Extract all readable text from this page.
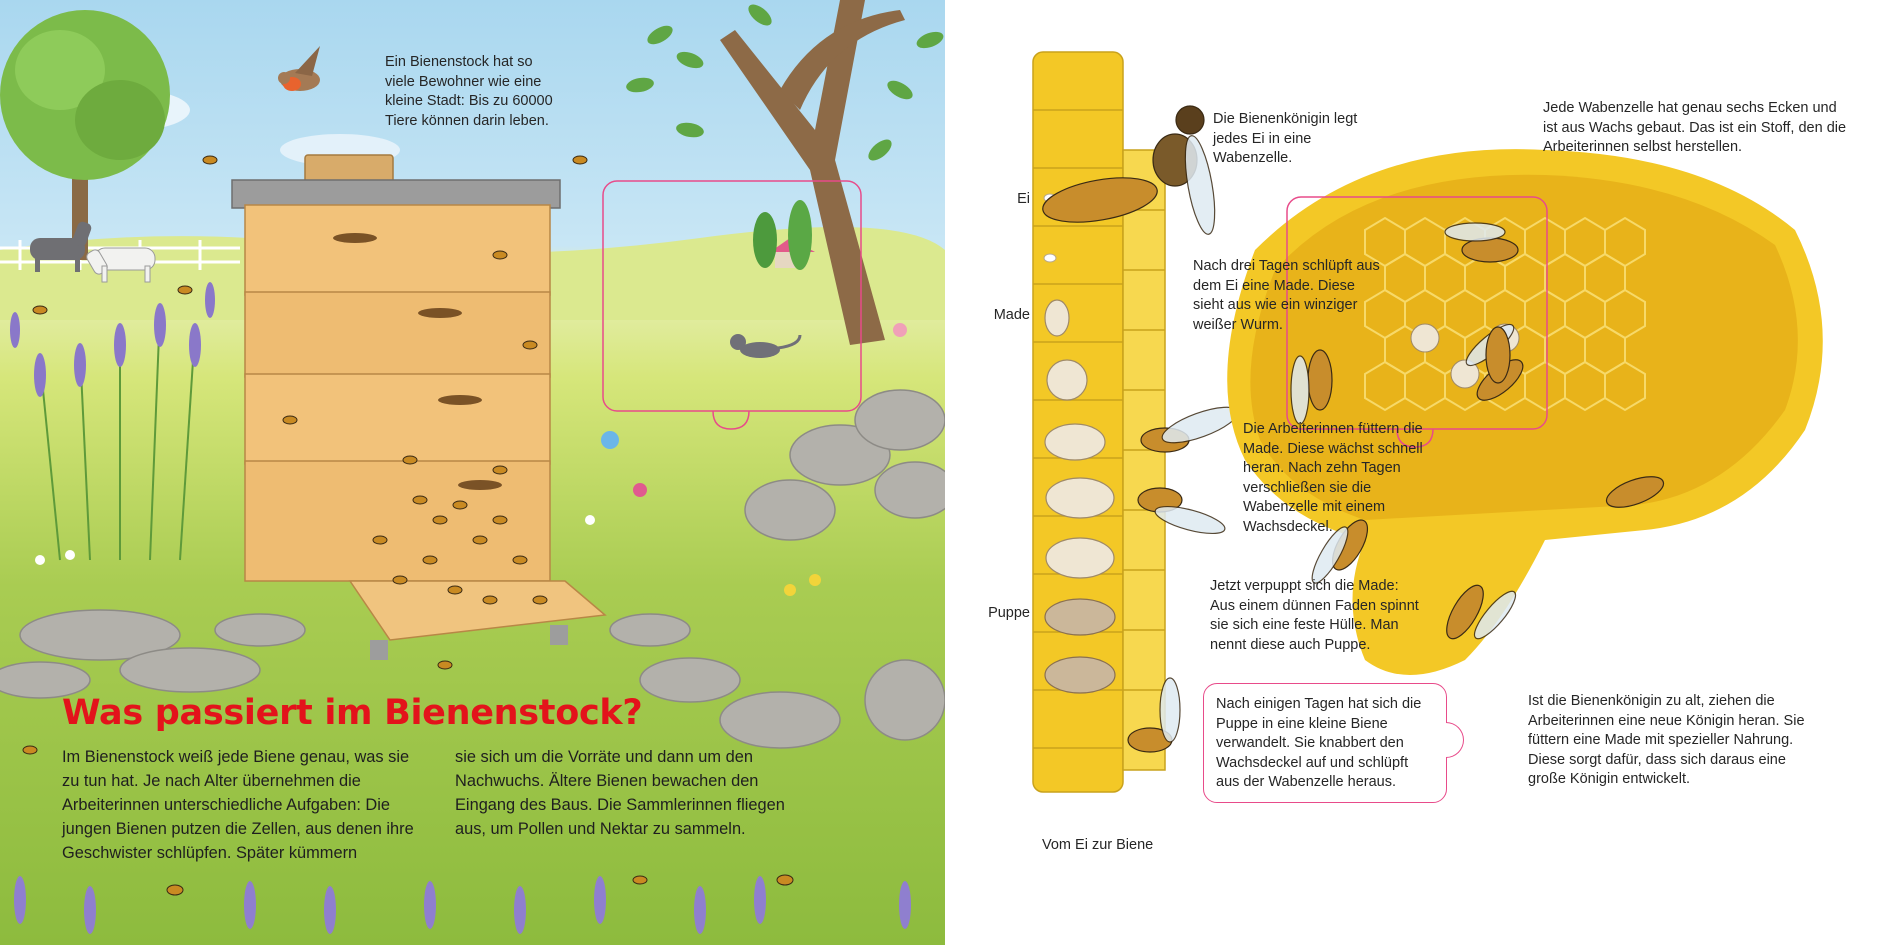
Ein Bienenstock hat so viele Bewohner wie eine kleine Stadt: Bis zu 60000 Tiere können darin leben.

Was passiert im Bienenstock?

Im Bienenstock weiß jede Biene genau, was sie zu tun hat. Je nach Alter übernehmen die Arbeiterinnen unterschiedliche Aufgaben: Die jungen Bienen putzen die Zellen, aus denen ihre Geschwister schlüpfen. Später kümmern

sie sich um die Vorräte und dann um den Nachwuchs. Ältere Bienen bewachen den Eingang des Baus. Die Sammlerinnen fliegen aus, um Pollen und Nektar zu sammeln.

Die Bienenkönigin legt jedes Ei in eine Wabenzelle.

Nach drei Tagen schlüpft aus dem Ei eine Made. Diese sieht aus wie ein winziger weißer Wurm.

Die Arbeiterinnen füttern die Made. Diese wächst schnell heran. Nach zehn Tagen verschließen sie die Wabenzelle mit einem Wachsdeckel.

Jetzt verpuppt sich die Made: Aus einem dünnen Faden spinnt sie sich eine feste Hülle. Man nennt diese auch Puppe.

Nach einigen Tagen hat sich die Puppe in eine kleine Biene verwandelt. Sie knabbert den Wachsdeckel auf und schlüpft aus der Wabenzelle heraus.

Ei

Made

Puppe

Vom Ei zur Biene

Jede Wabenzelle hat genau sechs Ecken und ist aus Wachs gebaut. Das ist ein Stoff, den die Arbeiterinnen selbst herstellen.

Ist die Bienenkönigin zu alt, ziehen die Arbeiterinnen eine neue Königin heran. Sie füttern eine Made mit spezieller Nahrung. Diese sorgt dafür, dass sich daraus eine große Königin entwickelt.
